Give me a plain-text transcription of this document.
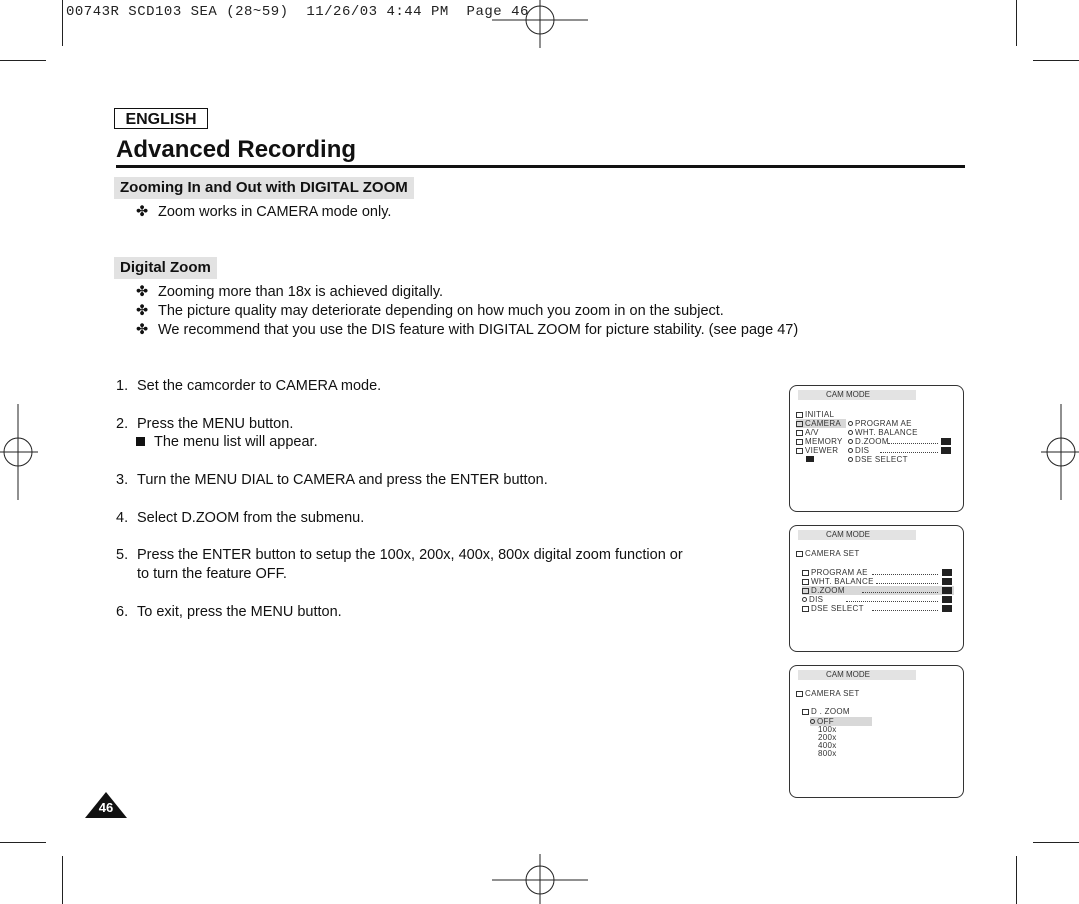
00743R SCD103 SEA (28~59)  11/26/03 4:44 PM  Page 46
ENGLISH
Advanced Recording
Zooming In and Out with DIGITAL ZOOM
✤ Zoom works in CAMERA mode only.
Digital Zoom
✤ Zooming more than 18x is achieved digitally.
✤ The picture quality may deteriorate depending on how much you zoom in on the subject.
✤ We recommend that you use the DIS feature with DIGITAL ZOOM for picture stability. (see page 47)
1. Set the camcorder to CAMERA mode.
2. Press the MENU button.
The menu list will appear.
3. Turn the MENU DIAL to CAMERA and press the ENTER button.
4. Select D.ZOOM from the submenu.
5. Press the ENTER button to setup the 100x, 200x, 400x, 800x digital zoom function or
to turn the feature OFF.
6. To exit, press the MENU button.
CAM MODE
INITIAL
CAMERA
A/V
MEMORY
VIEWER
PROGRAM AE
WHT. BALANCE
D.ZOOM
DIS
DSE SELECT
CAM MODE
CAMERA SET
PROGRAM AE
WHT. BALANCE
D.ZOOM
DIS
DSE SELECT
CAM MODE
CAMERA SET
D . ZOOM
OFF
100x
200x
400x
800x
46
